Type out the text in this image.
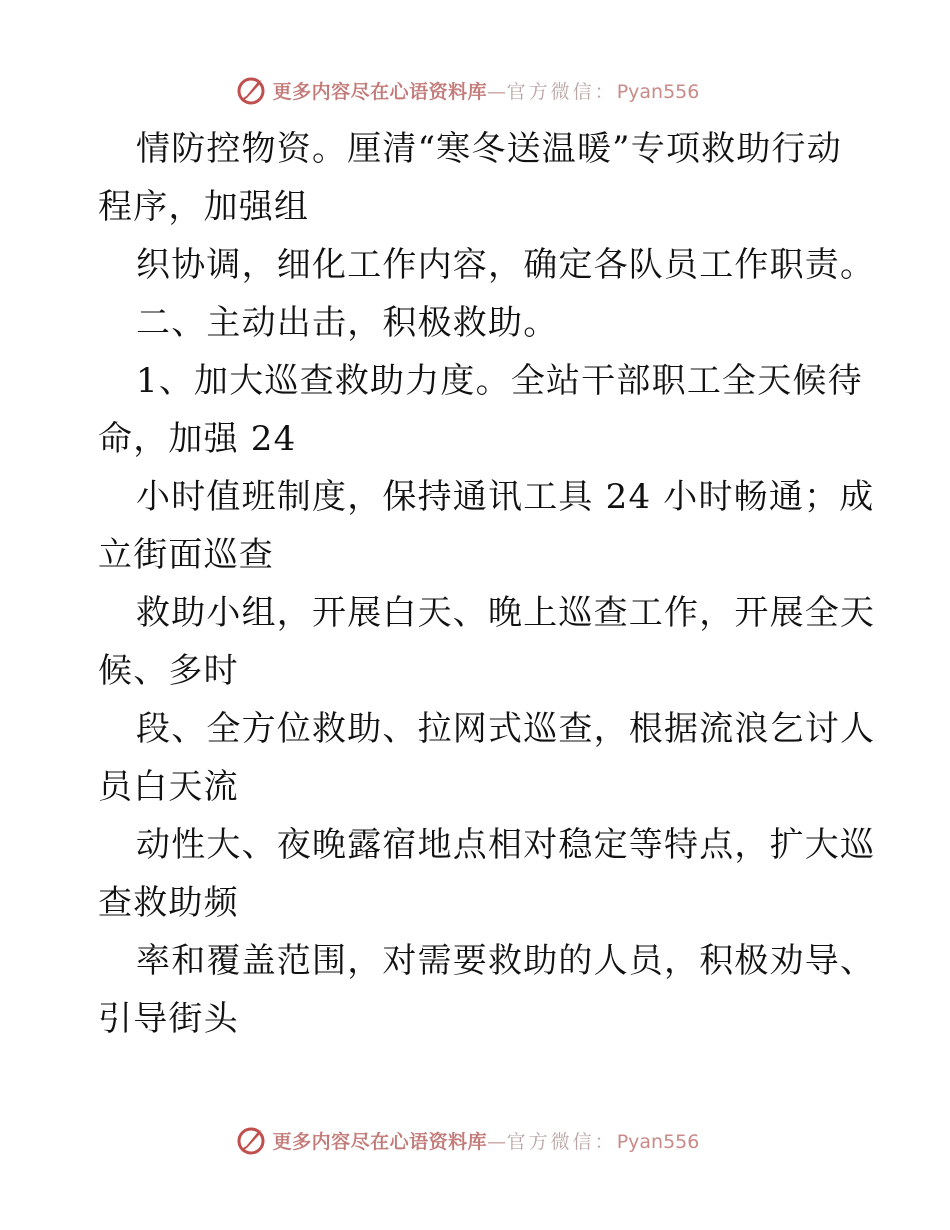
更多内容尽在心语资料库—官方微信：Pyan556
情防控物资。厘清“寒冬送温暖”专项救助行动
程序，加强组
织协调，细化工作内容，确定各队员工作职责。
二、主动出击，积极救助。
1、加大巡查救助力度。全站干部职工全天候待
命，加强 24
小时值班制度，保持通讯工具 24 小时畅通；成
立街面巡查
救助小组，开展白天、晚上巡查工作，开展全天
候、多时
段、全方位救助、拉网式巡查，根据流浪乞讨人
员白天流
动性大、夜晚露宿地点相对稳定等特点，扩大巡
查救助频
率和覆盖范围，对需要救助的人员，积极劝导、
引导街头
更多内容尽在心语资料库—官方微信：Pyan556
